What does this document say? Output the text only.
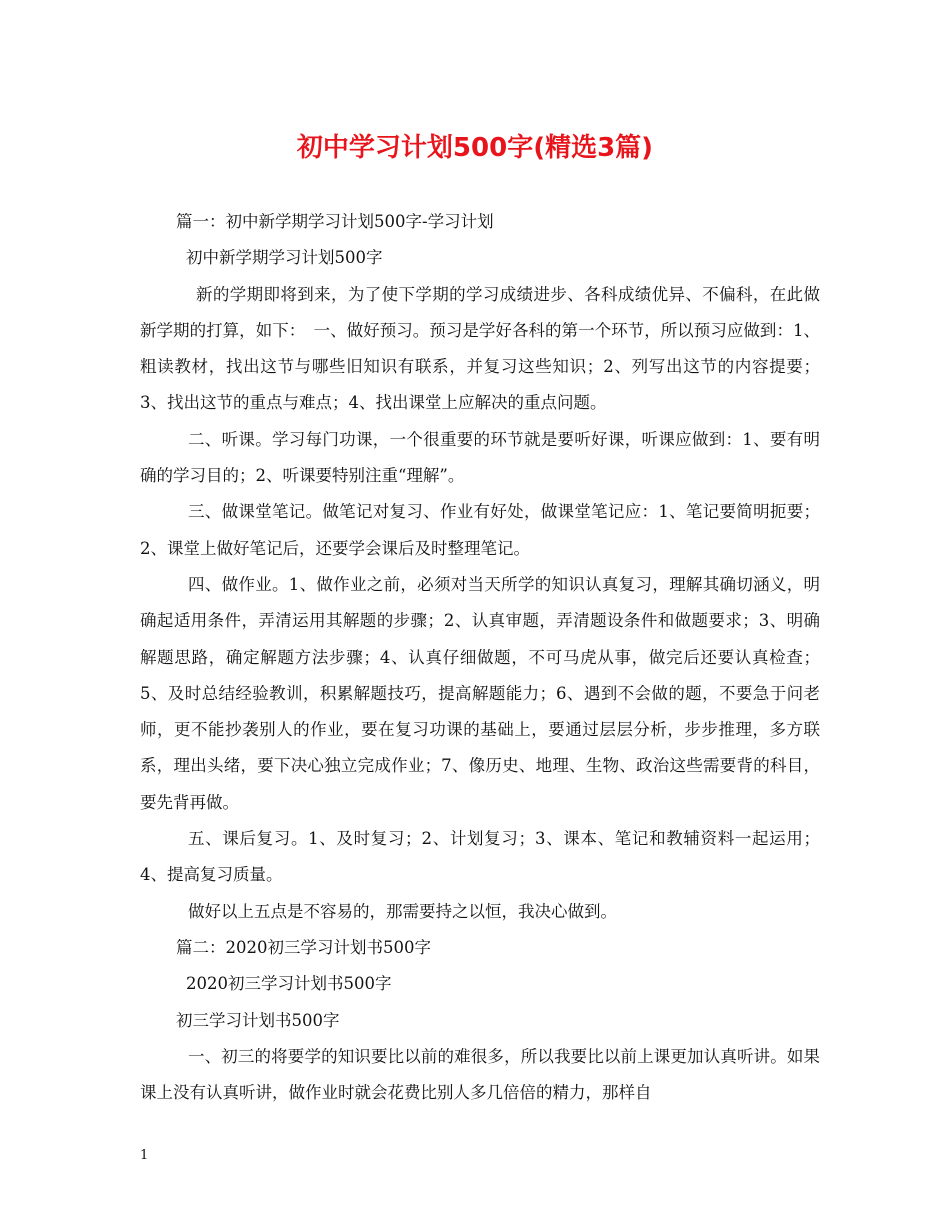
初中学习计划500字(精选3篇)

篇一：初中新学期学习计划500字-学习计划

初中新学期学习计划500字

新的学期即将到来，为了使下学期的学习成绩进步、各科成绩优异、不偏科，在此做新学期的打算，如下：　一、做好预习。预习是学好各科的第一个环节，所以预习应做到：1、粗读教材，找出这节与哪些旧知识有联系，并复习这些知识；2、列写出这节的内容提要；3、找出这节的重点与难点；4、找出课堂上应解决的重点问题。

二、听课。学习每门功课，一个很重要的环节就是要听好课，听课应做到：1、要有明确的学习目的；2、听课要特别注重“理解”。

三、做课堂笔记。做笔记对复习、作业有好处，做课堂笔记应：1、笔记要简明扼要；2、课堂上做好笔记后，还要学会课后及时整理笔记。

四、做作业。1、做作业之前，必须对当天所学的知识认真复习，理解其确切涵义，明确起适用条件，弄清运用其解题的步骤；2、认真审题，弄清题设条件和做题要求；3、明确解题思路，确定解题方法步骤；4、认真仔细做题，不可马虎从事，做完后还要认真检查；5、及时总结经验教训，积累解题技巧，提高解题能力；6、遇到不会做的题，不要急于问老师，更不能抄袭别人的作业，要在复习功课的基础上，要通过层层分析，步步推理，多方联系，理出头绪，要下决心独立完成作业；7、像历史、地理、生物、政治这些需要背的科目，要先背再做。

五、课后复习。1、及时复习；2、计划复习；3、课本、笔记和教辅资料一起运用；4、提高复习质量。

做好以上五点是不容易的，那需要持之以恒，我决心做到。

篇二：2020初三学习计划书500字

2020初三学习计划书500字

初三学习计划书500字

一、初三的将要学的知识要比以前的难很多，所以我要比以前上课更加认真听讲。如果课上没有认真听讲，做作业时就会花费比别人多几倍倍的精力，那样自

1
